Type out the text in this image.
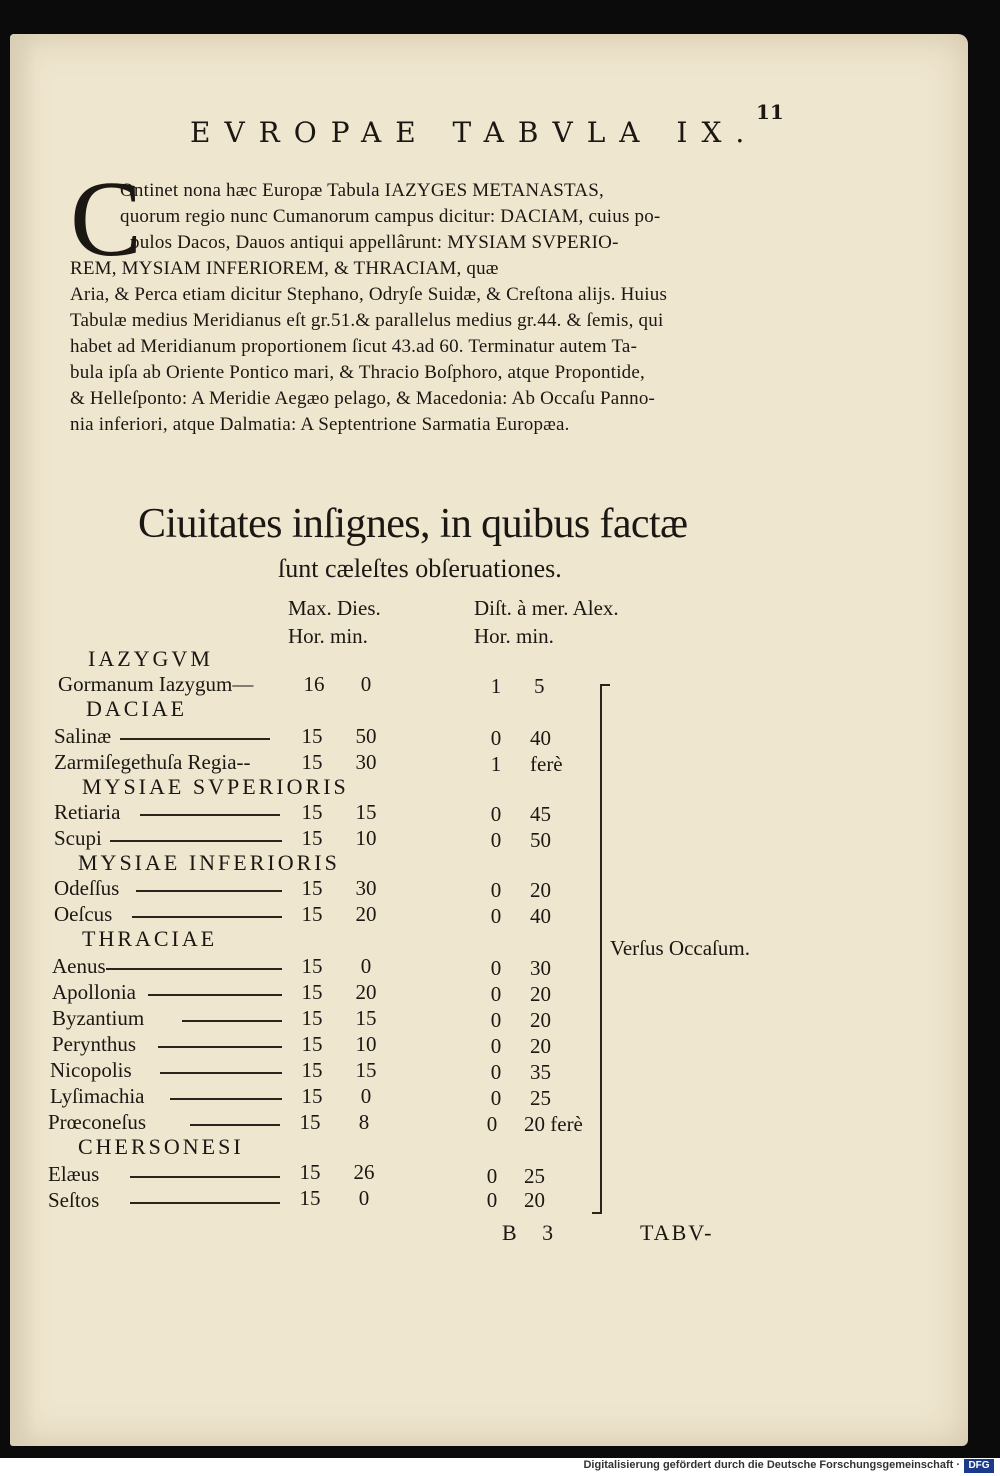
11
EVROPAE TABVLA IX.
C
Ontinet nona hæc Europæ Tabula IAZYGES METANASTAS,
quorum regio nunc Cumanorum campus dicitur: DACIAM, cuius po-
pulos Dacos, Dauos antiqui appellârunt: MYSIAM SVPERIO-
REM, MYSIAM INFERIOREM, & THRACIAM, quæ
Aria, & Perca etiam dicitur Stephano, Odryſe Suidæ, & Creſtona alijs. Huius
Tabulæ medius Meridianus eſt gr.51.& parallelus medius gr.44. & ſemis, qui
habet ad Meridianum proportionem ſicut 43.ad 60. Terminatur autem Ta-
bula ipſa ab Oriente Pontico mari, & Thracio Boſphoro, atque Propontide,
& Helleſponto: A Meridie Aegæo pelago, & Macedonia: Ab Occaſu Panno-
nia inferiori, atque Dalmatia: A Septentrione Sarmatia Europæa.
Ciuitates inſignes, in quibus factæ
ſunt cæleſtes obſeruationes.
Max. Dies.
Hor. min.
Diſt. à mer. Alex.
Hor. min.
IAZYGVM
DACIAE
MYSIAE SVPERIORIS
MYSIAE INFERIORIS
THRACIAE
CHERSONESI
Gormanum Iazygum—	16	0	1	5
Salinæ	15	50	0	40
Zarmiſegethuſa Regia--	15	30	1	ferè
Retiaria	15	15	0	45
Scupi	15	10	0	50
Odeſſus	15	30	0	20
Oeſcus	15	20	0	40
Aenus	15	0	0	30
Apollonia	15	20	0	20
Byzantium	15	15	0	20
Perynthus	15	10	0	20
Nicopolis	15	15	0	35
Lyſimachia	15	0	0	25
Prœconeſus	15	8	0	20 ferè
Elæus	15	26	0	25
Seſtos	15	0	0	20
Verſus Occaſum.
B 3	TABV-
Digitalisierung gefördert durch die Deutsche Forschungsgemeinschaft · DFG
